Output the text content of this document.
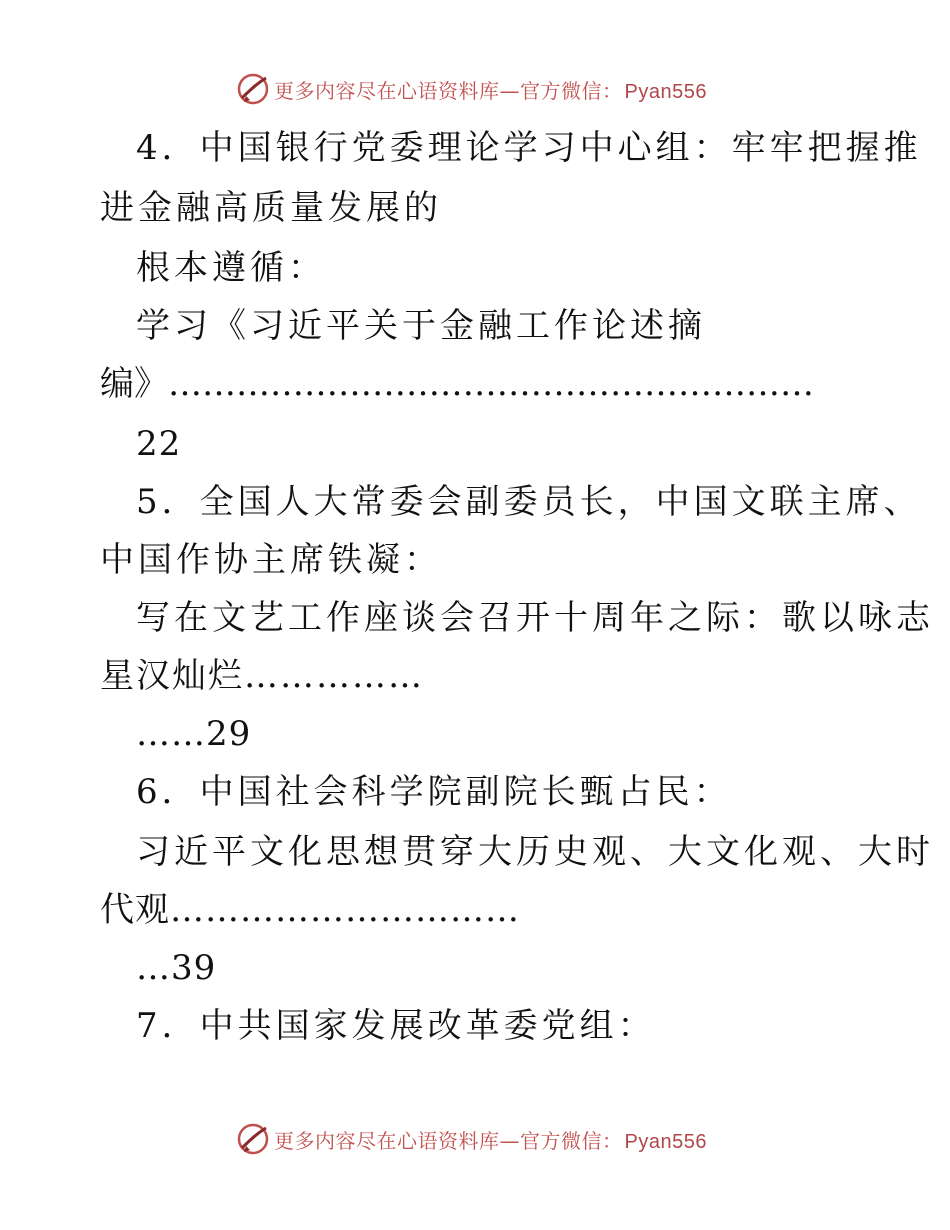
更多内容尽在心语资料库—官方微信： Pyan556
4．中国银行党委理论学习中心组：牢牢把握推
进金融高质量发展的
根本遵循：
学习《习近平关于金融工作论述摘
编》…………………………………………………
22
5．全国人大常委会副委员长，中国文联主席、
中国作协主席铁凝：
写在文艺工作座谈会召开十周年之际：歌以咏志
星汉灿烂……………
……29
6．中国社会科学院副院长甄占民：
习近平文化思想贯穿大历史观、大文化观、大时
代观…………………………
…39
7．中共国家发展改革委党组：
更多内容尽在心语资料库—官方微信： Pyan556
